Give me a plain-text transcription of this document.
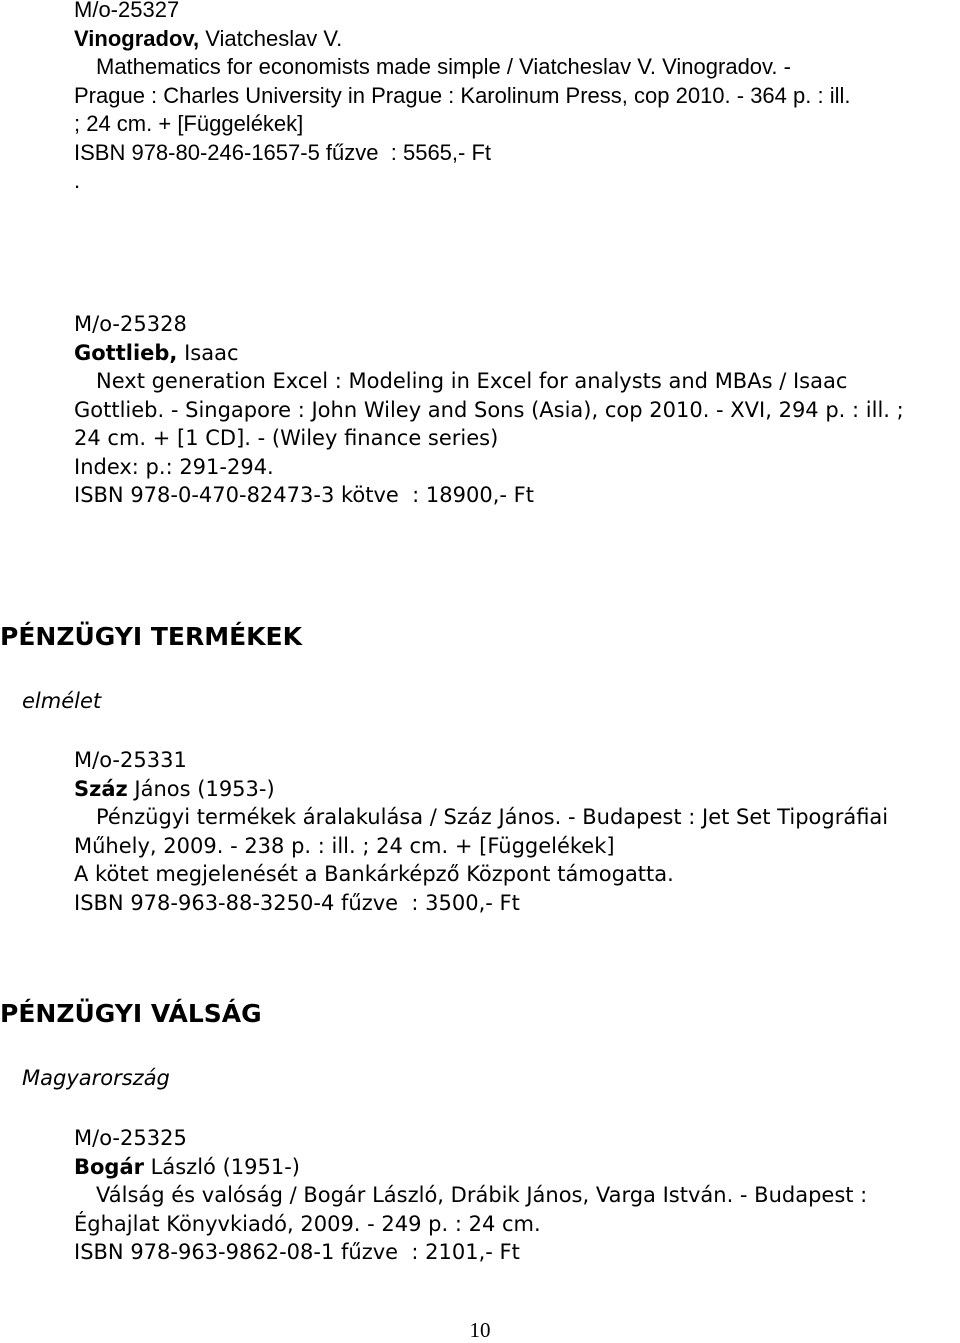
M/o-25327
Vinogradov, Viatcheslav V.
Mathematics for economists made simple / Viatcheslav V. Vinogradov. -
Prague : Charles University in Prague : Karolinum Press, cop 2010. - 364 p. : ill.
; 24 cm. + [Függelékek]
ISBN 978-80-246-1657-5 fűzve  : 5565,- Ft
.
M/o-25328
Gottlieb, Isaac
Next generation Excel : Modeling in Excel for analysts and MBAs / Isaac
Gottlieb. - Singapore : John Wiley and Sons (Asia), cop 2010. - XVI, 294 p. : ill. ;
24 cm. + [1 CD]. - (Wiley finance series)
Index: p.: 291-294.
ISBN 978-0-470-82473-3 kötve  : 18900,- Ft
PÉNZÜGYI TERMÉKEK
elmélet
M/o-25331
Száz János (1953-)
Pénzügyi termékek áralakulása / Száz János. - Budapest : Jet Set Tipográfiai
Műhely, 2009. - 238 p. : ill. ; 24 cm. + [Függelékek]
A kötet megjelenését a Bankárképző Központ támogatta.
ISBN 978-963-88-3250-4 fűzve  : 3500,- Ft
PÉNZÜGYI VÁLSÁG
Magyarország
M/o-25325
Bogár László (1951-)
Válság és valóság / Bogár László, Drábik János, Varga István. - Budapest :
Éghajlat Könyvkiadó, 2009. - 249 p. : 24 cm.
ISBN 978-963-9862-08-1 fűzve  : 2101,- Ft
10
